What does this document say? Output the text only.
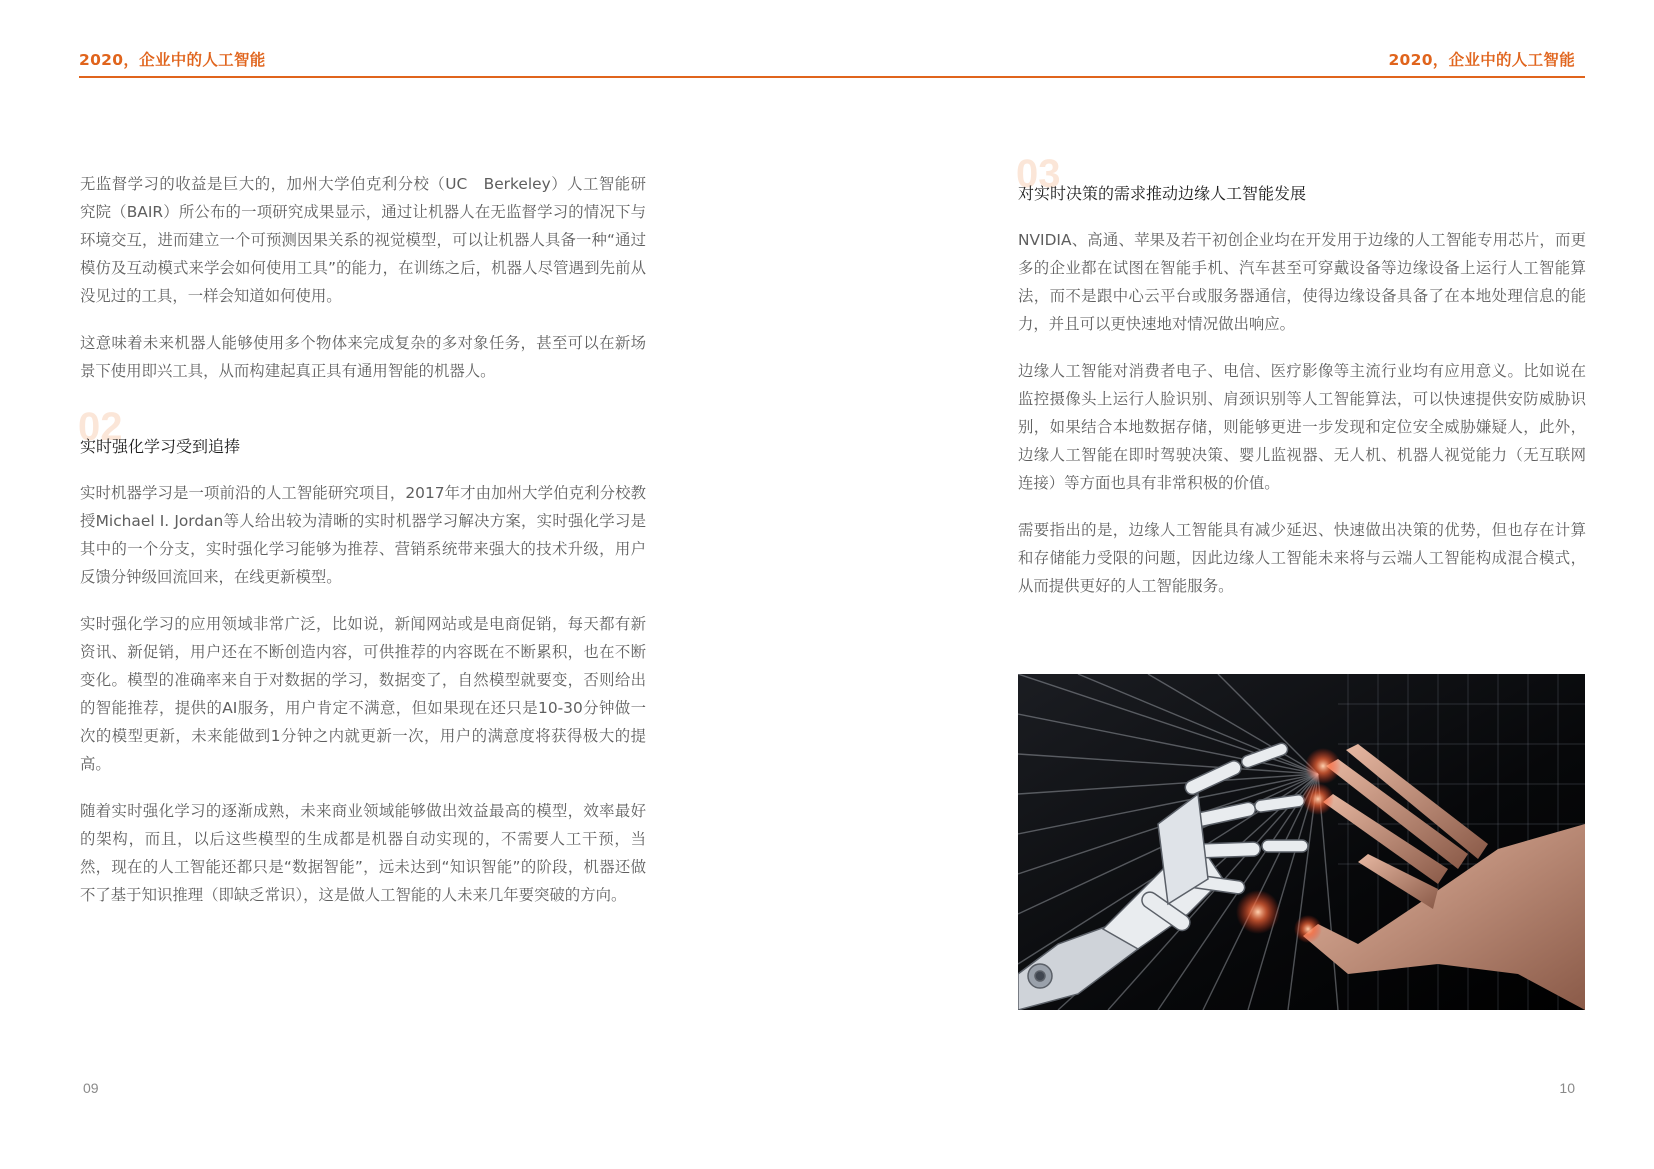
2020，企业中的人工智能	2020，企业中的人工智能

无监督学习的收益是巨大的，加州大学伯克利分校（UC　Berkeley）人工智能研究院（BAIR）所公布的一项研究成果显示，通过让机器人在无监督学习的情况下与环境交互，进而建立一个可预测因果关系的视觉模型，可以让机器人具备一种“通过模仿及互动模式来学会如何使用工具”的能力，在训练之后，机器人尽管遇到先前从没见过的工具，一样会知道如何使用。

这意味着未来机器人能够使用多个物体来完成复杂的多对象任务，甚至可以在新场景下使用即兴工具，从而构建起真正具有通用智能的机器人。

02
实时强化学习受到追捧

实时机器学习是一项前沿的人工智能研究项目，2017年才由加州大学伯克利分校教授Michael I. Jordan等人给出较为清晰的实时机器学习解决方案，实时强化学习是其中的一个分支，实时强化学习能够为推荐、营销系统带来强大的技术升级，用户反馈分钟级回流回来，在线更新模型。

实时强化学习的应用领域非常广泛，比如说，新闻网站或是电商促销，每天都有新资讯、新促销，用户还在不断创造内容，可供推荐的内容既在不断累积，也在不断变化。模型的准确率来自于对数据的学习，数据变了，自然模型就要变，否则给出的智能推荐，提供的AI服务，用户肯定不满意，但如果现在还只是10-30分钟做一次的模型更新，未来能做到1分钟之内就更新一次，用户的满意度将获得极大的提高。

随着实时强化学习的逐渐成熟，未来商业领域能够做出效益最高的模型，效率最好的架构，而且，以后这些模型的生成都是机器自动实现的，不需要人工干预，当然，现在的人工智能还都只是“数据智能”，远未达到“知识智能”的阶段，机器还做不了基于知识推理（即缺乏常识），这是做人工智能的人未来几年要突破的方向。

03
对实时决策的需求推动边缘人工智能发展

NVIDIA、高通、苹果及若干初创企业均在开发用于边缘的人工智能专用芯片，而更多的企业都在试图在智能手机、汽车甚至可穿戴设备等边缘设备上运行人工智能算法，而不是跟中心云平台或服务器通信，使得边缘设备具备了在本地处理信息的能力，并且可以更快速地对情况做出响应。

边缘人工智能对消费者电子、电信、医疗影像等主流行业均有应用意义。比如说在监控摄像头上运行人脸识别、肩颈识别等人工智能算法，可以快速提供安防威胁识别，如果结合本地数据存储，则能够更进一步发现和定位安全威胁嫌疑人，此外，边缘人工智能在即时驾驶决策、婴儿监视器、无人机、机器人视觉能力（无互联网连接）等方面也具有非常积极的价值。

需要指出的是，边缘人工智能具有减少延迟、快速做出决策的优势，但也存在计算和存储能力受限的问题，因此边缘人工智能未来将与云端人工智能构成混合模式，从而提供更好的人工智能服务。

09	10
